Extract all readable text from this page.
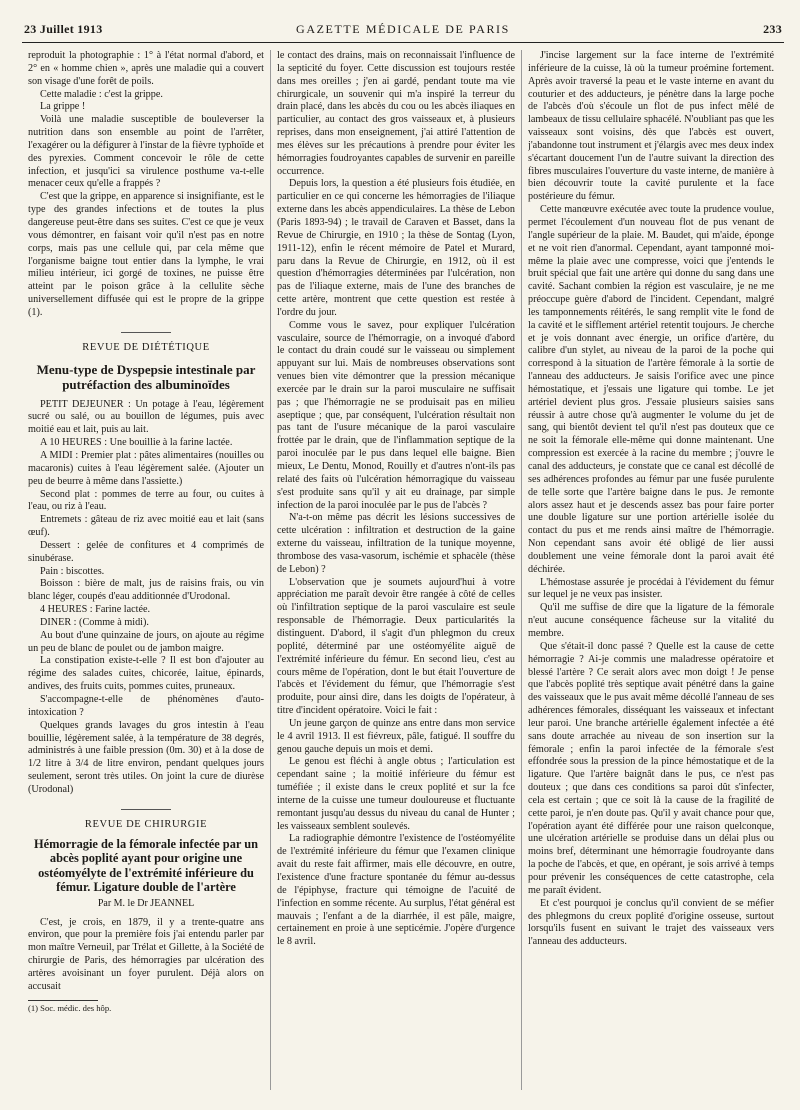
23 Juillet 1913	GAZETTE MÉDICALE DE PARIS	233

reproduit la photographie : 1° à l'état normal d'abord, et 2° en « homme chien », après une maladie qui a couvert son visage d'une forêt de poils.

Cette maladie : c'est la grippe.

La grippe !

Voilà une maladie susceptible de bouleverser la nutrition dans son ensemble au point de l'arrêter, l'exagérer ou la défigurer à l'instar de la fièvre typhoïde et des pyrexies. Comment concevoir le rôle de cette infection, et jusqu'ici sa virulence posthume va-t-elle menacer ceux qu'elle a frappés ?

C'est que la grippe, en apparence si insignifiante, est le type des grandes infections et de toutes la plus dangereuse peut-être dans ses suites. C'est ce que je veux vous démontrer, en faisant voir qu'il n'est pas en notre corps, mais pas une cellule qui, par cela même que l'organisme baigne tout entier dans la lymphe, le vrai milieu intérieur, ici gorgé de toxines, ne puisse être atteint par le poison grâce à la cellulite sèche universellement diffusée qui est le propre de la grippe (1).

REVUE DE DIÉTÉTIQUE
Menu-type de Dyspepsie intestinale par putréfaction des albuminoïdes

PETIT DEJEUNER : Un potage à l'eau, légèrement sucré ou salé, ou au bouillon de légumes, puis avec moitié eau et lait, puis au lait.

A 10 HEURES : Une bouillie à la farine lactée.

A MIDI : Premier plat : pâtes alimentaires (nouilles ou macaronis) cuites à l'eau légèrement salée. (Ajouter un peu de beurre à même dans l'assiette.)

Second plat : pommes de terre au four, ou cuites à l'eau, ou riz à l'eau.

Entremets : gâteau de riz avec moitié eau et lait (sans œuf).

Dessert : gelée de confitures et 4 comprimés de sinubérase.

Pain : biscottes.

Boisson : bière de malt, jus de raisins frais, ou vin blanc léger, coupés d'eau additionnée d'Urodonal.

4 HEURES : Farine lactée.

DINER : (Comme à midi).

Au bout d'une quinzaine de jours, on ajoute au régime un peu de blanc de poulet ou de jambon maigre.

La constipation existe-t-elle ? Il est bon d'ajouter au régime des salades cuites, chicorée, laitue, épinards, andives, des fruits cuits, pommes cuites, pruneaux.

S'accompagne-t-elle de phénomènes d'auto-intoxication ?

Quelques grands lavages du gros intestin à l'eau bouillie, légèrement salée, à la température de 38 degrés, administrés à une faible pression (0m. 30) et à la dose de 1/2 litre à 3/4 de litre environ, pendant quelques jours seulement, seront très utiles. On joint la cure de diurèse (Urodonal)

REVUE DE CHIRURGIE
Hémorragie de la fémorale infectée par un abcès poplité ayant pour origine une ostéomyélyte de l'extrémité inférieure du fémur. Ligature double de l'artère
Par M. le Dr JEANNEL

C'est, je crois, en 1879, il y a trente-quatre ans environ, que pour la première fois j'ai entendu parler par mon maître Verneuil, par Trélat et Gillette, à la Société de chirurgie de Paris, des hémorragies par ulcération des artères avoisinant un foyer purulent. Déjà alors on accusait

(1) Soc. médic. des hôp.

le contact des drains, mais on reconnaissait l'influence de la septicité du foyer. Cette discussion est toujours restée dans mes oreilles ; j'en ai gardé, pendant toute ma vie chirurgicale, un souvenir qui m'a inspiré la terreur du drain placé, dans les abcès du cou ou les abcès iliaques en particulier, au contact des gros vaisseaux et, à plusieurs reprises, dans mon enseignement, j'ai attiré l'attention de mes élèves sur les précautions à prendre pour éviter les hémorragies foudroyantes capables de survenir en pareille occurrence.

Depuis lors, la question a été plusieurs fois étudiée, en particulier en ce qui concerne les hémorragies de l'iliaque externe dans les abcès appendiculaires. La thèse de Lebon (Paris 1893-94) ; le travail de Caraven et Basset, dans la Revue de Chirurgie, en 1910 ; la thèse de Sontag (Lyon, 1911-12), enfin le récent mémoire de Patel et Murard, paru dans la Revue de Chirurgie, en 1912, où il est question d'hémorragies déterminées par l'ulcération, non pas de l'iliaque externe, mais de l'une des branches de cette artère, montrent que cette question est restée à l'ordre du jour.

Comme vous le savez, pour expliquer l'ulcération vasculaire, source de l'hémorragie, on a invoqué d'abord le contact du drain coudé sur le vaisseau ou simplement appuyant sur lui. Mais de nombreuses observations sont venues bien vite démontrer que la pression mécanique exercée par le drain sur la paroi musculaire ne suffisait pas ; que l'hémorragie ne se produisait pas en milieu aseptique ; que, par conséquent, l'ulcération résultait non pas tant de l'usure mécanique de la paroi vasculaire frottée par le drain, que de l'inflammation septique de la paroi inoculée par le pus dans lequel elle baigne. Bien mieux, Le Dentu, Monod, Rouilly et d'autres n'ont-ils pas relaté des faits où l'ulcération hémorragique du vaisseau s'est produite sans qu'il y ait eu drainage, par simple infection de la paroi inoculée par le pus de l'abcès ?

N'a-t-on même pas décrit les lésions successives de cette ulcération : infiltration et destruction de la gaine externe du vaisseau, infiltration de la tunique moyenne, thrombose des vasa-vasorum, ischémie et sphacèle (thèse de Lebon) ?

L'observation que je soumets aujourd'hui à votre appréciation me paraît devoir être rangée à côté de celles où l'infiltration septique de la paroi vasculaire est seule responsable de l'hémorragie. Deux particularités la distinguent. D'abord, il s'agit d'un phlegmon du creux poplité, déterminé par une ostéomyélite aiguë de l'extrémité inférieure du fémur. En second lieu, c'est au cours même de l'opération, dont le but était l'ouverture de l'abcès et l'évidement du fémur, que l'hémorragie s'est produite, pour ainsi dire, dans les doigts de l'opérateur, à titre d'incident opératoire. Voici le fait :

Un jeune garçon de quinze ans entre dans mon service le 4 avril 1913. Il est fiévreux, pâle, fatigué. Il souffre du genou gauche depuis un mois et demi.

Le genou est fléchi à angle obtus ; l'articulation est cependant saine ; la moitié inférieure du fémur est tuméfiée ; il existe dans le creux poplité et sur la fce interne de la cuisse une tumeur douloureuse et fluctuante remontant jusqu'au dessus du niveau du canal de Hunter ; les vaisseaux semblent soulevés.

La radiographie démontre l'existence de l'ostéomyélite de l'extrémité inférieure du fémur que l'examen clinique avait du reste fait affirmer, mais elle découvre, en outre, l'existence d'une fracture spontanée du fémur au-dessus de l'épiphyse, fracture qui témoigne de l'acuité de l'infection en somme récente. Au surplus, l'état général est mauvais ; l'enfant a de la diarrhée, il est pâle, maigre, certainement en proie à une septicémie. J'opère d'urgence le 8 avril.

J'incise largement sur la face interne de l'extrémité inférieure de la cuisse, là où la tumeur proémine fortement. Après avoir traversé la peau et le vaste interne en avant du couturier et des adducteurs, je pénètre dans la large poche de l'abcès d'où s'écoule un flot de pus infect mêlé de lambeaux de tissu cellulaire sphacélé. N'oubliant pas que les vaisseaux sont voisins, dès que l'abcès est ouvert, j'abandonne tout instrument et j'élargis avec mes deux index s'écartant doucement l'un de l'autre suivant la direction des fibres musculaires l'ouverture du vaste interne, de manière à bien découvrir toute la cavité purulente et la face postérieure du fémur.

Cette manœuvre exécutée avec toute la prudence voulue, permet l'écoulement d'un nouveau flot de pus venant de l'angle supérieur de la plaie. M. Baudet, qui m'aide, éponge et ne voit rien d'anormal. Cependant, ayant tamponné moi-même la plaie avec une compresse, voici que j'entends le bruit spécial que fait une artère qui donne du sang dans une cavité. Sachant combien la région est vasculaire, je ne me préoccupe guère d'abord de l'incident. Cependant, malgré les tamponnements réitérés, le sang remplit vite le fond de la cavité et le sifflement artériel retentit toujours. Je cherche et je vois donnant avec énergie, un orifice d'artère, du calibre d'un stylet, au niveau de la paroi de la poche qui correspond à la situation de l'artère fémorale à la sortie de l'anneau des adducteurs. Je saisis l'orifice avec une pince hémostatique, et j'essais une ligature qui tombe. Le jet artériel devient plus gros. J'essaie plusieurs saisies sans réussir à autre chose qu'à augmenter le volume du jet de sang, qui bientôt devient tel qu'il n'est pas douteux que ce ne soit la fémorale elle-même qui donne maintenant. Une compression est exercée à la racine du membre ; j'ouvre le canal des adducteurs, je constate que ce canal est décollé de ses adhérences profondes au fémur par une fusée purulente de telle sorte que l'artère baigne dans le pus. Je remonte alors assez haut et je descends assez bas pour faire porter une double ligature sur une portion artérielle isolée du contact du pus et me rends ainsi maître de l'hémorragie. Non cependant sans avoir été obligé de lier aussi doublement une veine fémorale dont la paroi avait été déchirée.

L'hémostase assurée je procédai à l'évidement du fémur sur lequel je ne veux pas insister.

Qu'il me suffise de dire que la ligature de la fémorale n'eut aucune conséquence fâcheuse sur la vitalité du membre.

Que s'était-il donc passé ? Quelle est la cause de cette hémorragie ? Ai-je commis une maladresse opératoire et blessé l'artère ? Ce serait alors avec mon doigt ! Je pense que l'abcès poplité très septique avait pénétré dans la gaine des vaisseaux que le pus avait même décollé l'anneau de ses adhérences fémorales, disséquant les vaisseaux et infectant leur paroi. Une branche artérielle également infectée a été sans doute arrachée au niveau de son insertion sur la fémorale ; enfin la paroi infectée de la fémorale s'est effondrée sous la pression de la pince hémostatique et de la ligature. Que l'artère baignât dans le pus, ce n'est pas douteux ; que dans ces conditions sa paroi dût s'infecter, cela est certain ; que ce soit là la cause de la fragilité de cette paroi, je n'en doute pas. Qu'il y avait chance pour que, l'opération ayant été différée pour une raison quelconque, une ulcération artérielle se produise dans un délai plus ou moins bref, déterminant une hémorragie foudroyante dans la poche de l'abcès, et que, en opérant, je sois arrivé à temps pour prévenir les conséquences de cette catastrophe, cela me paraît évident.

Et c'est pourquoi je conclus qu'il convient de se méfier des phlegmons du creux poplité d'origine osseuse, surtout lorsqu'ils fusent en suivant le trajet des vaisseaux vers l'anneau des adducteurs.
